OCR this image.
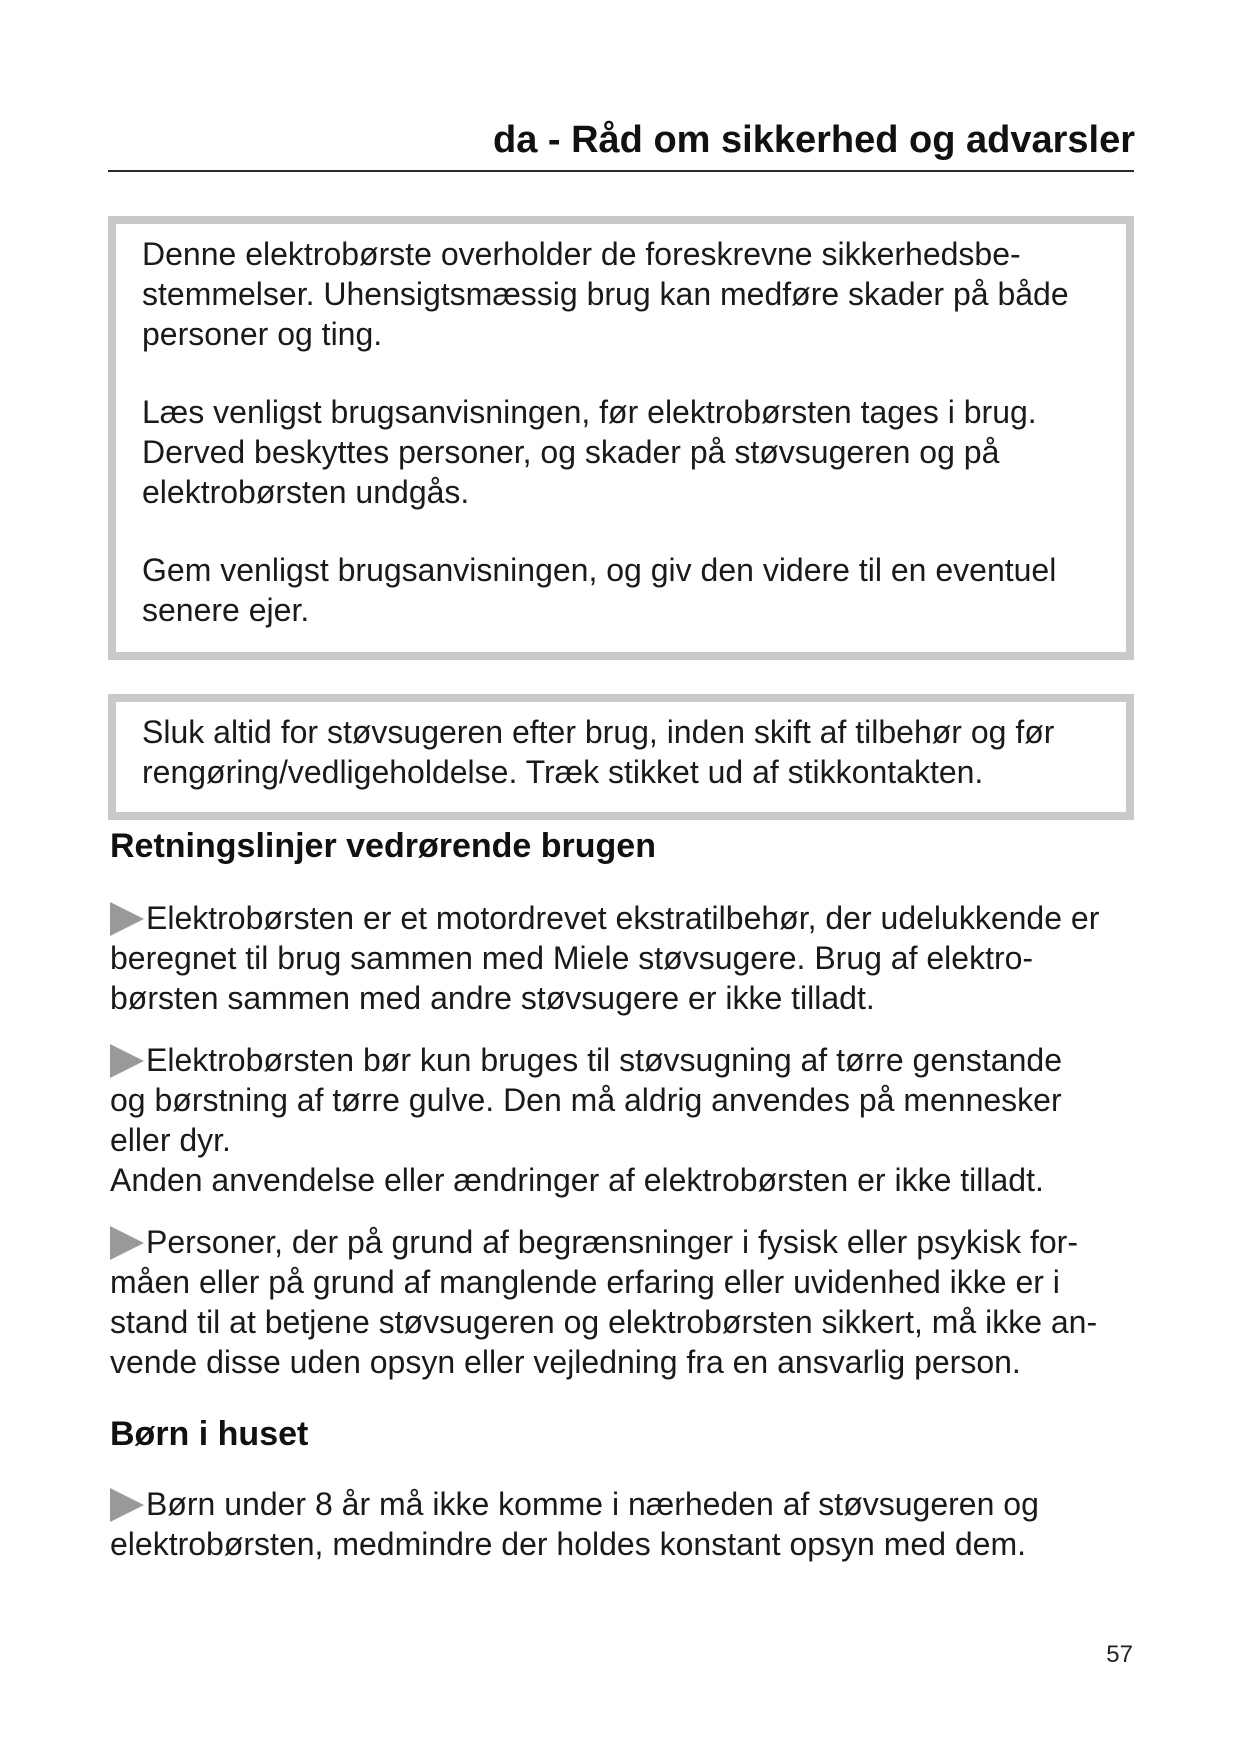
da - Råd om sikkerhed og advarsler

Denne elektrobørste overholder de foreskrevne sikkerhedsbe-
stemmelser. Uhensigtsmæssig brug kan medføre skader på både
personer og ting.

Læs venligst brugsanvisningen, før elektrobørsten tages i brug.
Derved beskyttes personer, og skader på støvsugeren og på
elektrobørsten undgås.

Gem venligst brugsanvisningen, og giv den videre til en eventuel
senere ejer.

Sluk altid for støvsugeren efter brug, inden skift af tilbehør og før
rengøring/vedligeholdelse. Træk stikket ud af stikkontakten.

Retningslinjer vedrørende brugen

Elektrobørsten er et motordrevet ekstratilbehør, der udelukkende er
beregnet til brug sammen med Miele støvsugere. Brug af elektro-
børsten sammen med andre støvsugere er ikke tilladt.

Elektrobørsten bør kun bruges til støvsugning af tørre genstande
og børstning af tørre gulve. Den må aldrig anvendes på mennesker
eller dyr.
Anden anvendelse eller ændringer af elektrobørsten er ikke tilladt.

Personer, der på grund af begrænsninger i fysisk eller psykisk for-
måen eller på grund af manglende erfaring eller uvidenhed ikke er i
stand til at betjene støvsugeren og elektrobørsten sikkert, må ikke an-
vende disse uden opsyn eller vejledning fra en ansvarlig person.

Børn i huset

Børn under 8 år må ikke komme i nærheden af støvsugeren og
elektrobørsten, medmindre der holdes konstant opsyn med dem.

57
